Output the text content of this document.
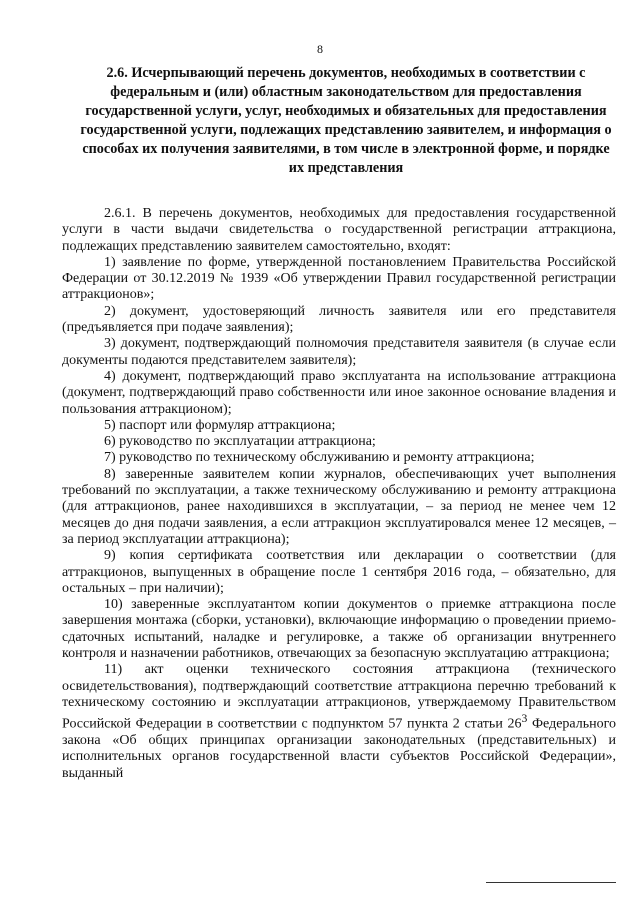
8
2.6. Исчерпывающий перечень документов, необходимых в соответствии с федеральным и (или) областным законодательством для предоставления государственной услуги, услуг, необходимых и обязательных для предоставления государственной услуги, подлежащих представлению заявителем, и информация о способах их получения заявителями, в том числе в электронной форме, и порядке их представления

2.6.1. В перечень документов, необходимых для предоставления государственной услуги в части выдачи свидетельства о государственной регистрации аттракциона, подлежащих представлению заявителем самостоятельно, входят:

1) заявление по форме, утвержденной постановлением Правительства Российской Федерации от 30.12.2019 № 1939 «Об утверждении Правил государственной регистрации аттракционов»;

2) документ, удостоверяющий личность заявителя или его представителя (предъявляется при подаче заявления);

3) документ, подтверждающий полномочия представителя заявителя (в случае если документы подаются представителем заявителя);

4) документ, подтверждающий право эксплуатанта на использование аттракциона (документ, подтверждающий право собственности или иное законное основание владения и пользования аттракционом);

5) паспорт или формуляр аттракциона;

6) руководство по эксплуатации аттракциона;

7) руководство по техническому обслуживанию и ремонту аттракциона;

8) заверенные заявителем копии журналов, обеспечивающих учет выполнения требований по эксплуатации, а также техническому обслуживанию и ремонту аттракциона (для аттракционов, ранее находившихся в эксплуатации, – за период не менее чем 12 месяцев до дня подачи заявления, а если аттракцион эксплуатировался менее 12 месяцев, – за период эксплуатации аттракциона);

9) копия сертификата соответствия или декларации о соответствии (для аттракционов, выпущенных в обращение после 1 сентября 2016 года, – обязательно, для остальных – при наличии);

10) заверенные эксплуатантом копии документов о приемке аттракциона после завершения монтажа (сборки, установки), включающие информацию о проведении приемо-сдаточных испытаний, наладке и регулировке, а также об организации внутреннего контроля и назначении работников, отвечающих за безопасную эксплуатацию аттракциона;

11) акт оценки технического состояния аттракциона (технического освидетельствования), подтверждающий соответствие аттракциона перечню требований к техническому состоянию и эксплуатации аттракционов, утверждаемому Правительством Российской Федерации в соответствии с подпунктом 57 пункта 2 статьи $26^3$ Федерального закона «Об общих принципах организации законодательных (представительных) и исполнительных органов государственной власти субъектов Российской Федерации», выданный
